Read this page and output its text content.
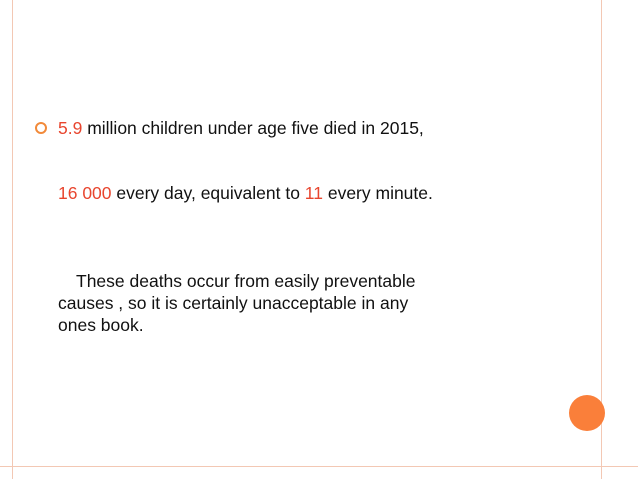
5.9 million children under age five died in 2015,
16 000 every day, equivalent to 11 every minute.
These deaths occur from easily preventable
causes , so it is certainly unacceptable in any
ones book.
